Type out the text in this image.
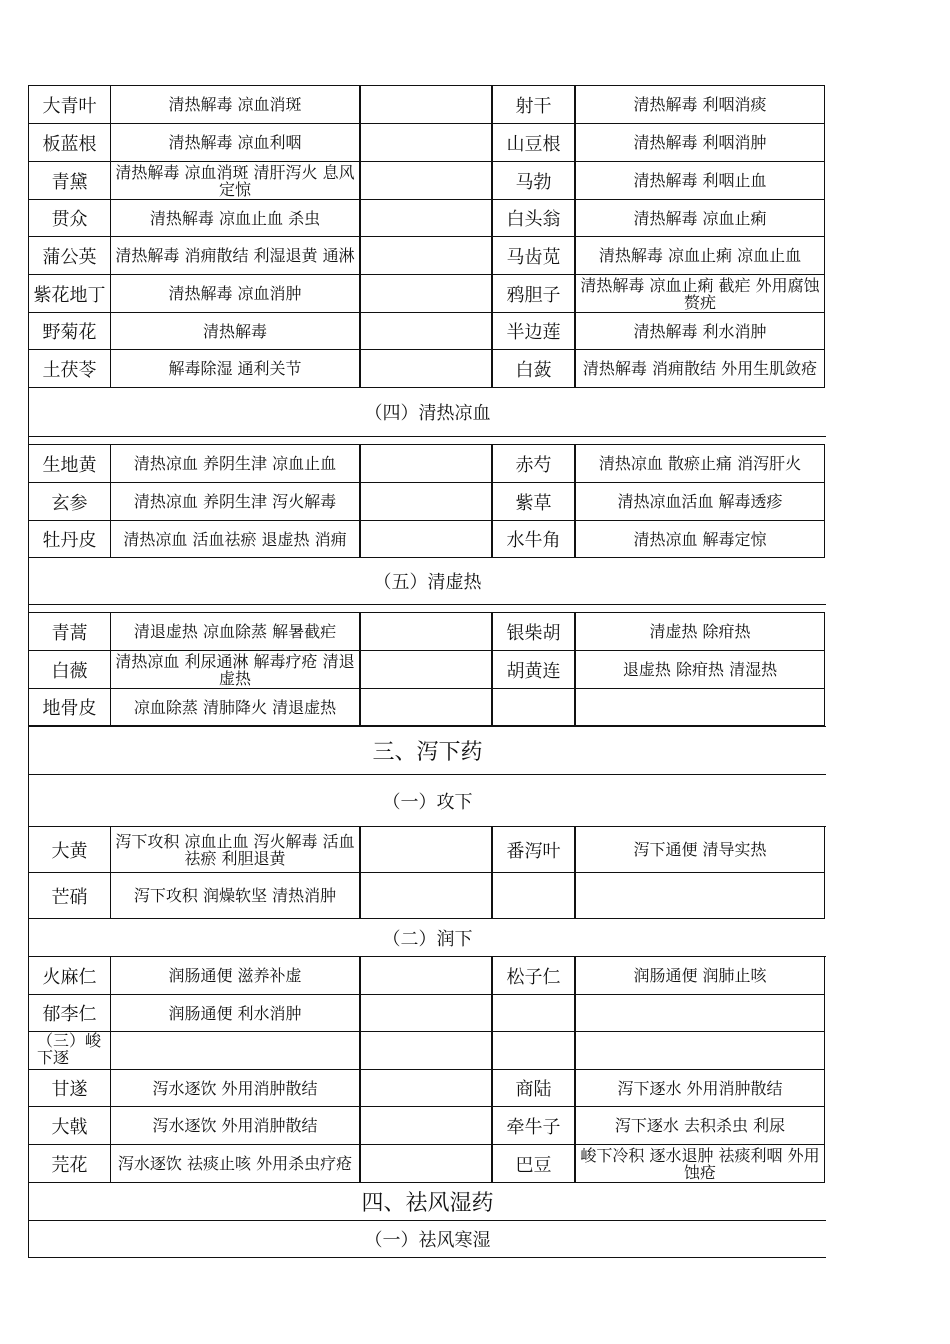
大青叶	清热解毒 凉血消斑	射干	清热解毒 利咽消痰
板蓝根	清热解毒 凉血利咽	山豆根	清热解毒 利咽消肿
青黛	清热解毒 凉血消斑 清肝泻火 息风定惊	马勃	清热解毒 利咽止血
贯众	清热解毒 凉血止血 杀虫	白头翁	清热解毒 凉血止痢
蒲公英	清热解毒 消痈散结 利湿退黄 通淋	马齿苋	清热解毒 凉血止痢 凉血止血
紫花地丁	清热解毒 凉血消肿	鸦胆子	清热解毒 凉血止痢 截疟 外用腐蚀赘疣
野菊花	清热解毒	半边莲	清热解毒 利水消肿
土茯苓	解毒除湿 通利关节	白蔹	清热解毒 消痈散结 外用生肌敛疮
（四）清热凉血
生地黄	清热凉血 养阴生津 凉血止血	赤芍	清热凉血 散瘀止痛 消泻肝火
玄参	清热凉血 养阴生津 泻火解毒	紫草	清热凉血活血 解毒透疹
牡丹皮	清热凉血 活血祛瘀 退虚热 消痈	水牛角	清热凉血 解毒定惊
（五）清虚热
青蒿	清退虚热 凉血除蒸 解暑截疟	银柴胡	清虚热 除疳热
白薇	清热凉血 利尿通淋 解毒疗疮 清退虚热	胡黄连	退虚热 除疳热 清湿热
地骨皮	凉血除蒸 清肺降火 清退虚热
三、泻下药
（一）攻下
大黄	泻下攻积 凉血止血 泻火解毒 活血祛瘀 利胆退黄	番泻叶	泻下通便 清导实热
芒硝	泻下攻积 润燥软坚 清热消肿
（二）润下
火麻仁	润肠通便 滋养补虚	松子仁	润肠通便 润肺止咳
郁李仁	润肠通便 利水消肿
（三）峻下逐
甘遂	泻水逐饮 外用消肿散结	商陆	泻下逐水 外用消肿散结
大戟	泻水逐饮 外用消肿散结	牵牛子	泻下逐水 去积杀虫 利尿
芫花	泻水逐饮 祛痰止咳 外用杀虫疗疮	巴豆	峻下冷积 逐水退肿 祛痰利咽 外用蚀疮
四、祛风湿药
（一）祛风寒湿
